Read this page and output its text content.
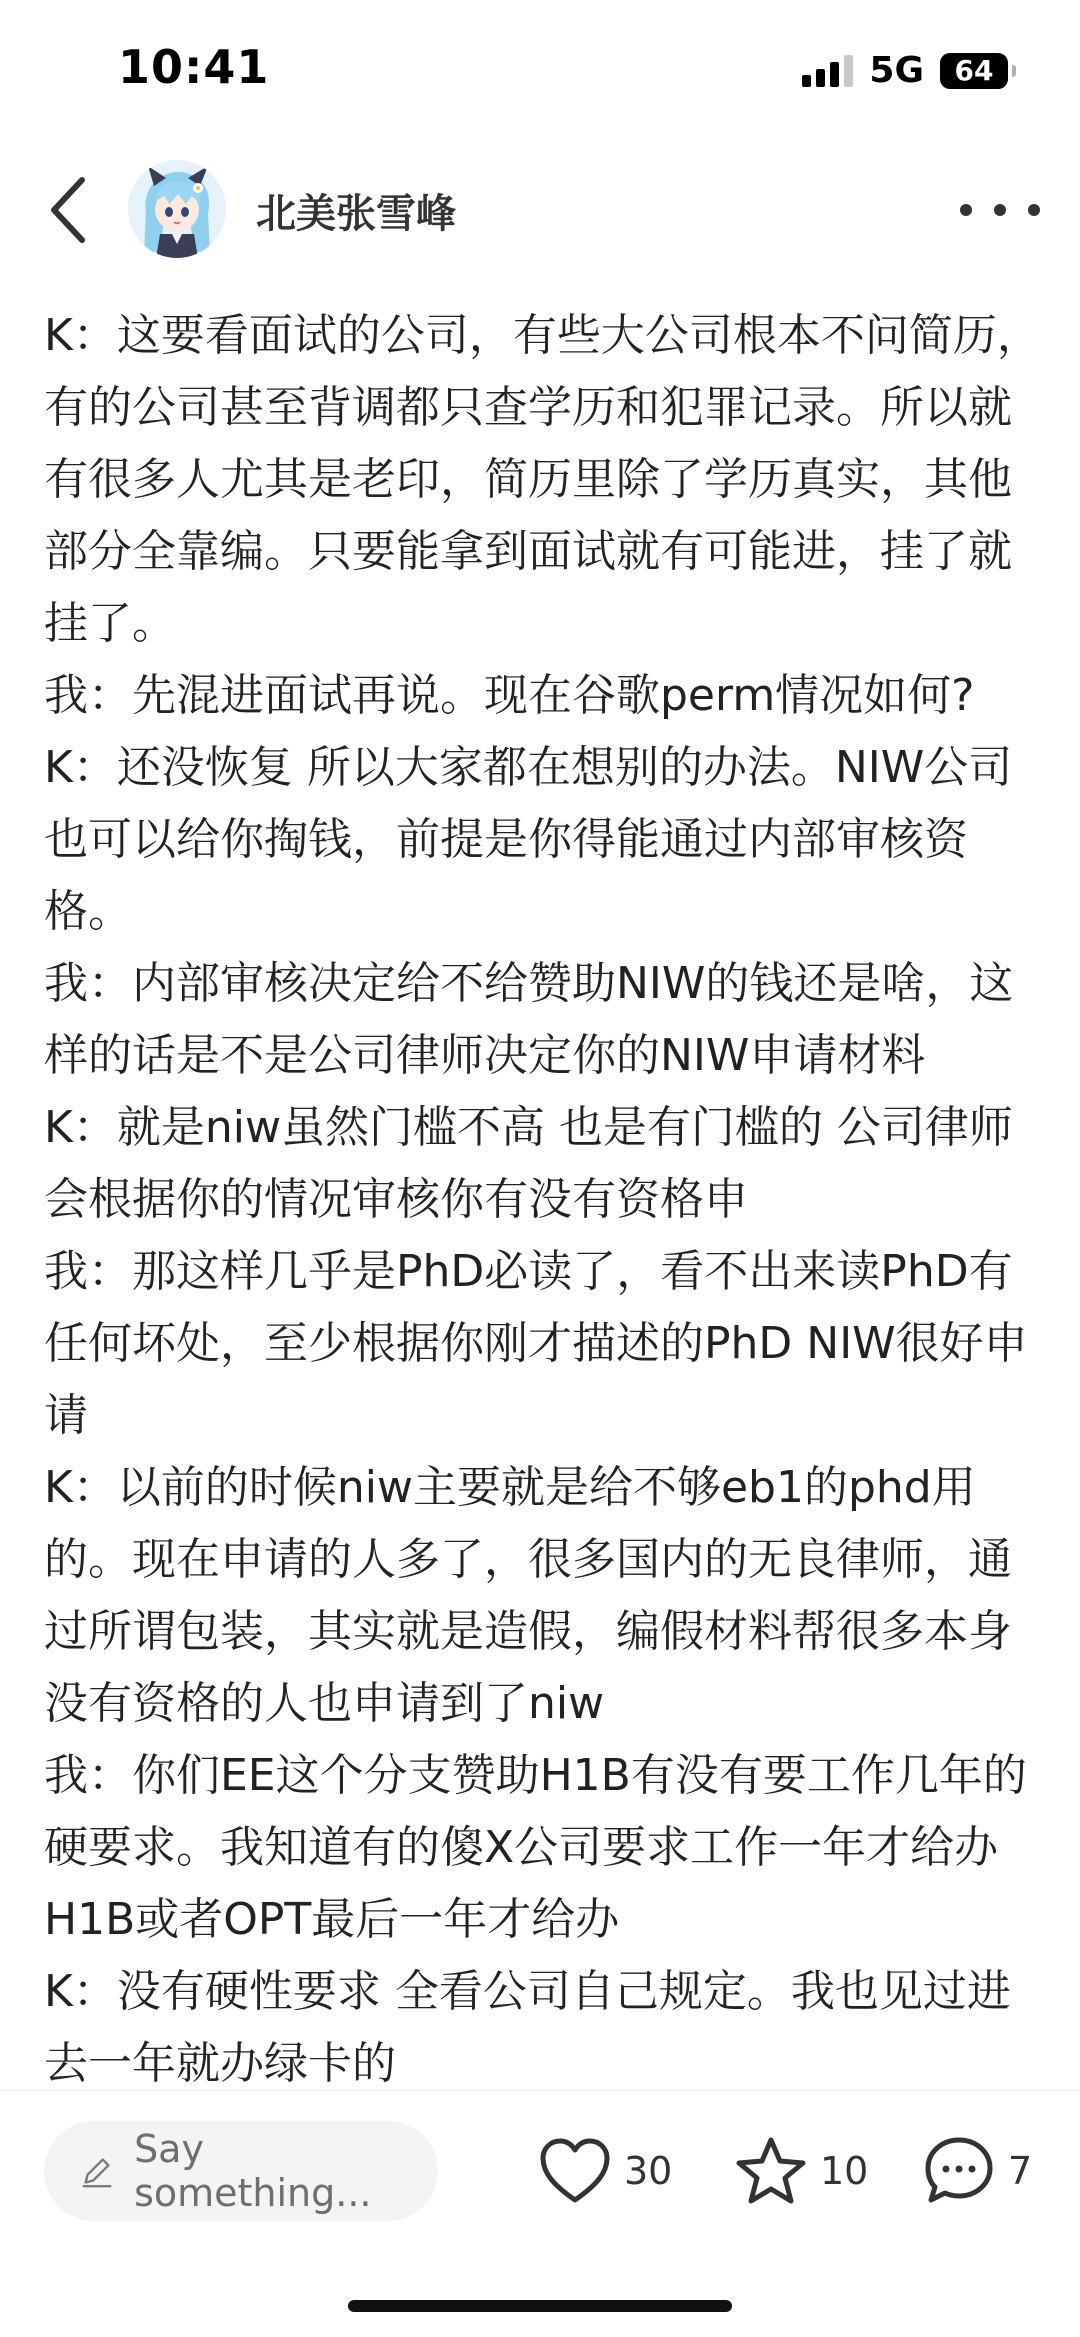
10:41	5G 64
北美张雪峰

K：这要看面试的公司，有些大公司根本不问简历，有的公司甚至背调都只查学历和犯罪记录。所以就有很多人尤其是老印，简历里除了学历真实，其他部分全靠编。只要能拿到面试就有可能进，挂了就挂了。

我：先混进面试再说。现在谷歌perm情况如何?

K：还没恢复 所以大家都在想别的办法。NIW公司也可以给你掏钱，前提是你得能通过内部审核资格。

我：内部审核决定给不给赞助NIW的钱还是啥，这样的话是不是公司律师决定你的NIW申请材料

K：就是niw虽然门槛不高 也是有门槛的 公司律师会根据你的情况审核你有没有资格申

我：那这样几乎是PhD必读了，看不出来读PhD有任何坏处，至少根据你刚才描述的PhD NIW很好申请

K：以前的时候niw主要就是给不够eb1的phd用的。现在申请的人多了，很多国内的无良律师，通过所谓包装，其实就是造假，编假材料帮很多本身没有资格的人也申请到了niw

我：你们EE这个分支赞助H1B有没有要工作几年的硬要求。我知道有的傻X公司要求工作一年才给办H1B或者OPT最后一年才给办

K：没有硬性要求 全看公司自己规定。我也见过进去一年就办绿卡的

Say something...	30	10	7
